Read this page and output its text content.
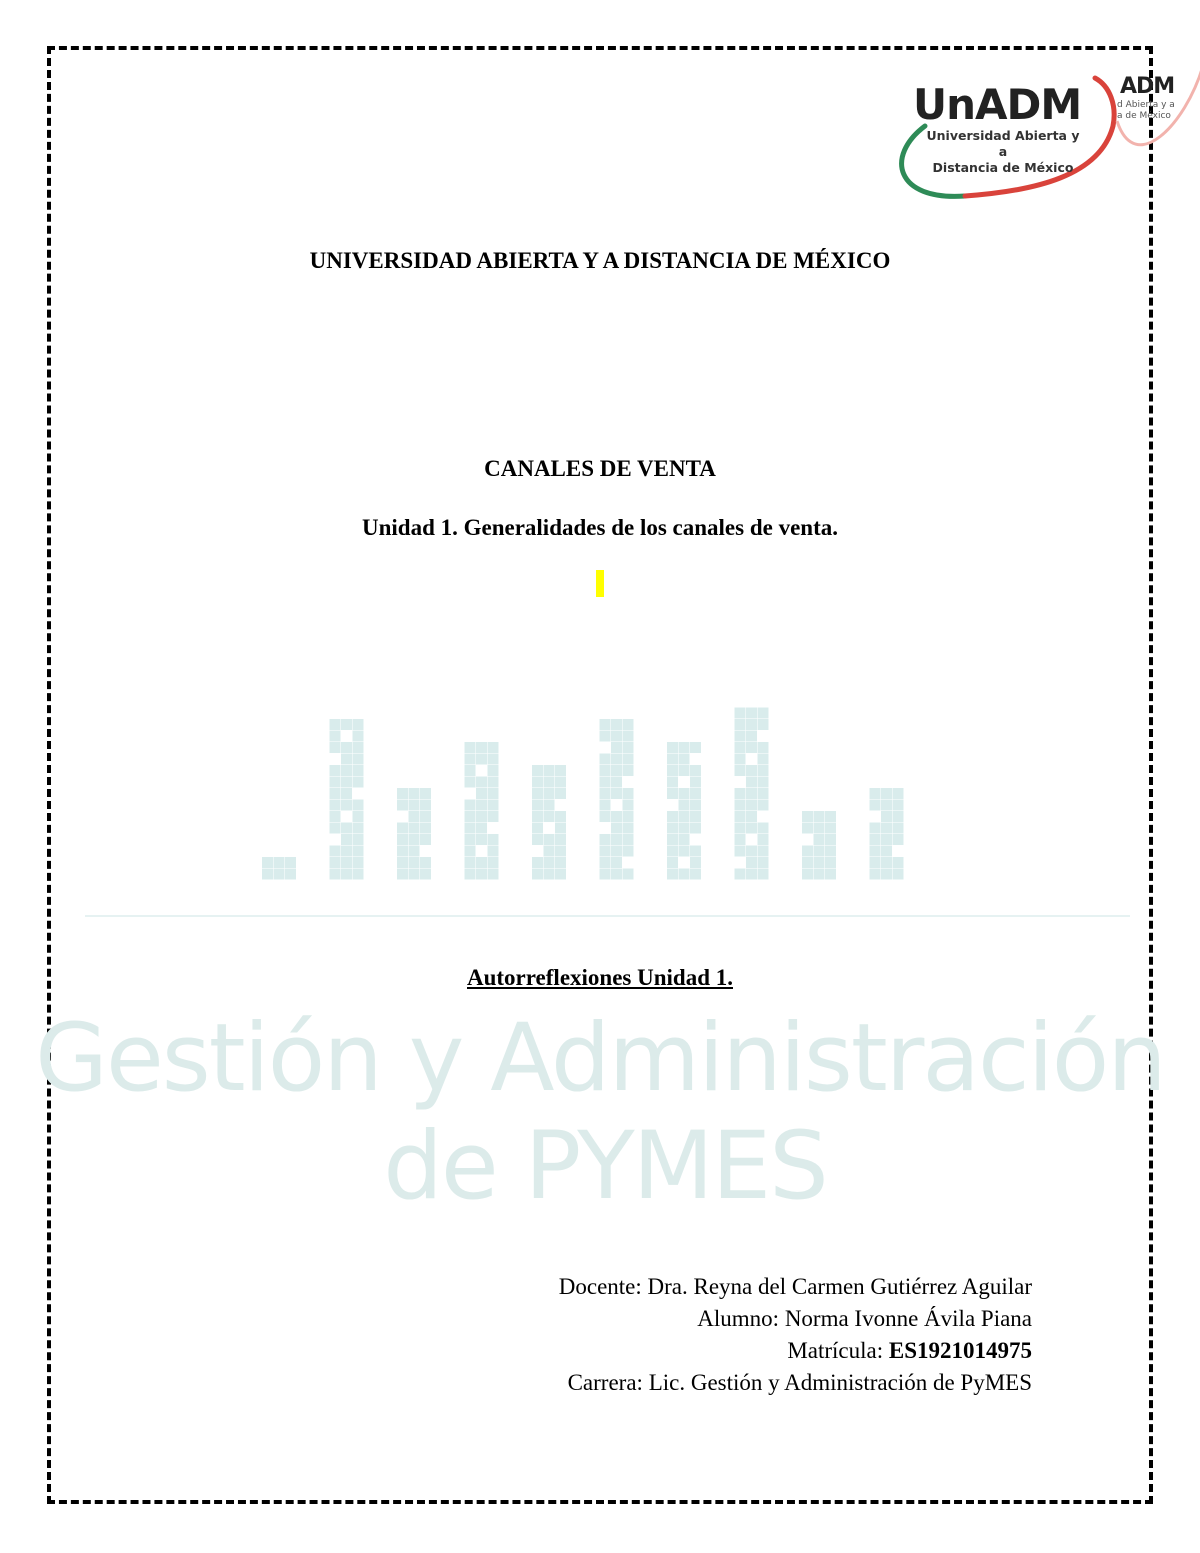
UnADM
Universidad Abierta y a
Distancia de México
ADM
d Abierta y a
a de México
UNIVERSIDAD ABIERTA Y A DISTANCIA DE MÉXICO
CANALES DE VENTA
Unidad 1. Generalidades de los canales de venta.
Autorreflexiones Unidad 1.
Gestión y Administración
de PYMES
Docente: Dra. Reyna del Carmen Gutiérrez Aguilar
Alumno: Norma Ivonne Ávila Piana
Matrícula: ES1921014975
Carrera: Lic. Gestión y Administración de PyMES
